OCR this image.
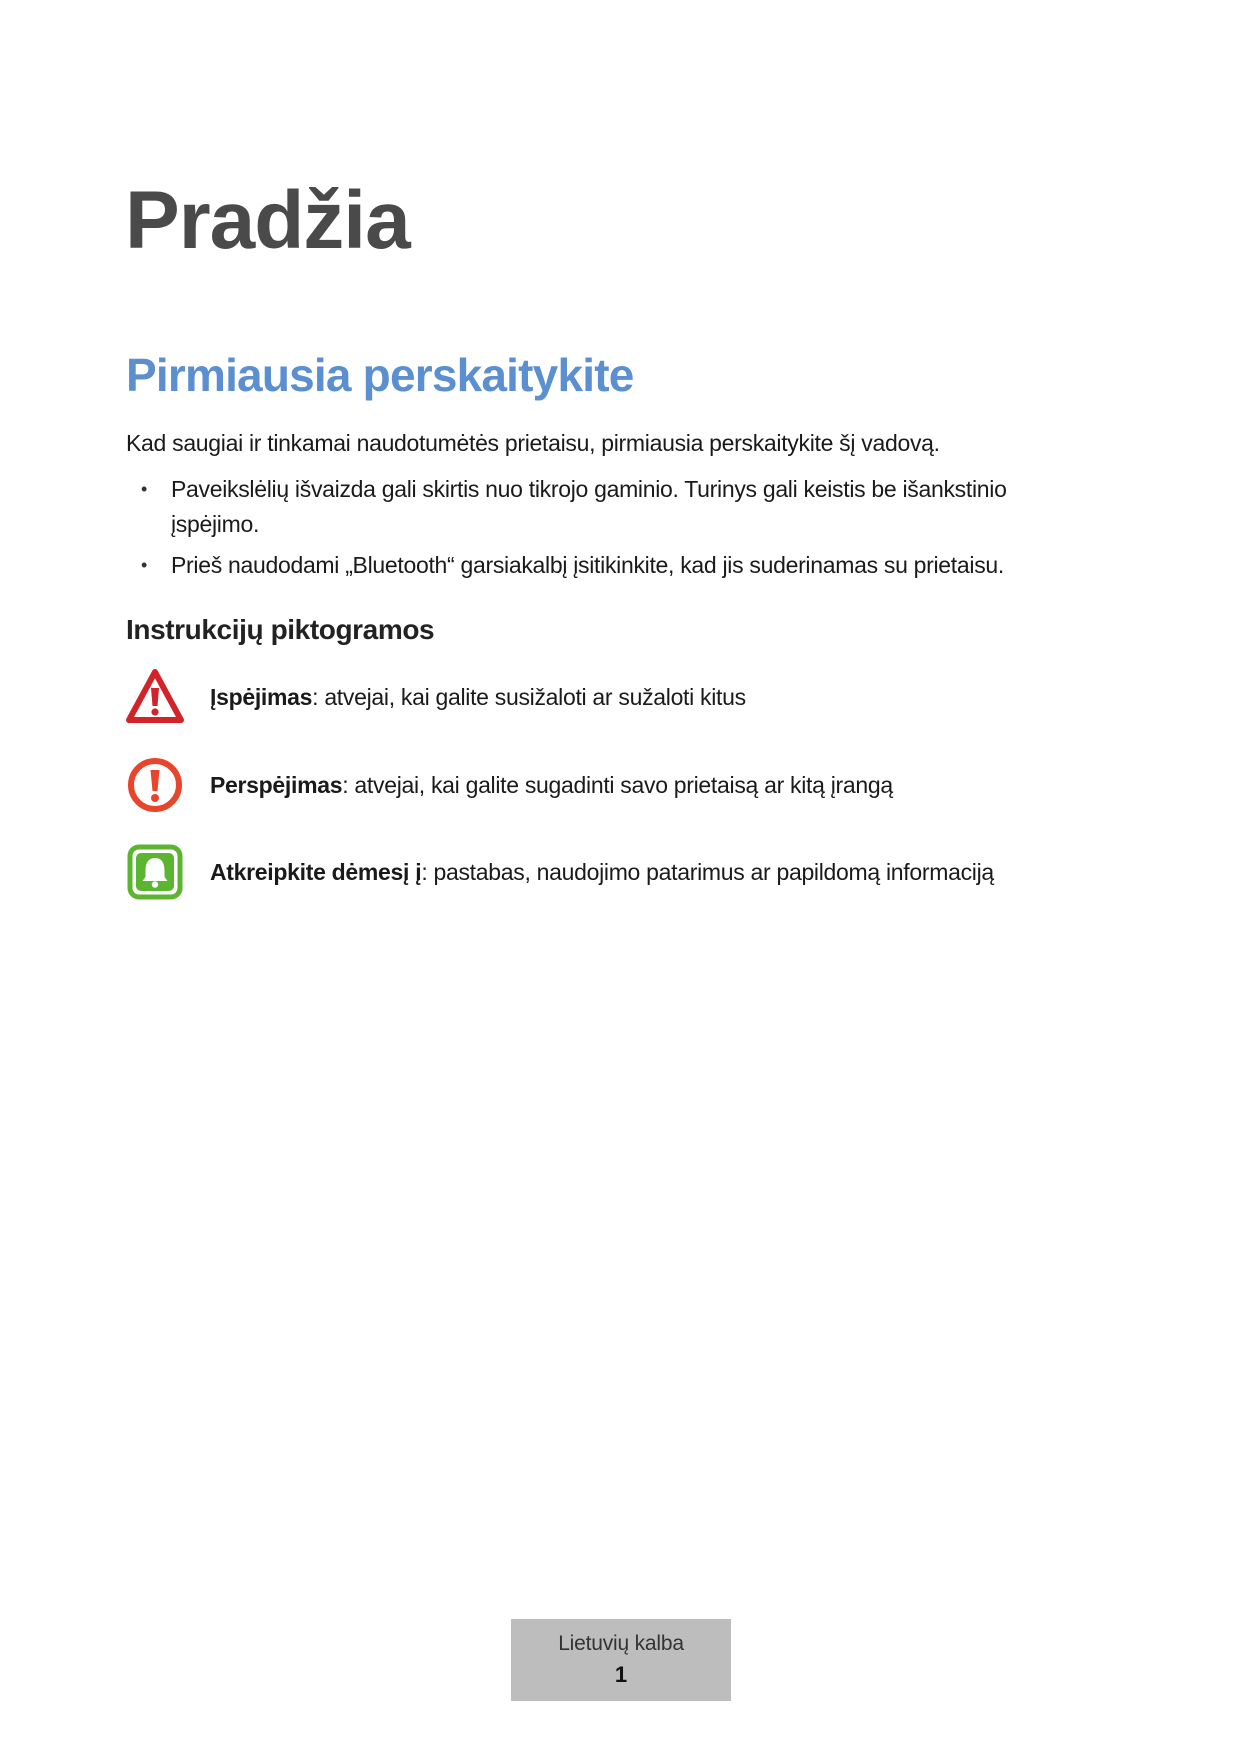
Pradžia
Pirmiausia perskaitykite

Kad saugiai ir tinkamai naudotumėtės prietaisu, pirmiausia perskaitykite šį vadovą.

• Paveikslėlių išvaizda gali skirtis nuo tikrojo gaminio. Turinys gali keistis be išankstinio įspėjimo.
• Prieš naudodami „Bluetooth“ garsiakalbį įsitikinkite, kad jis suderinamas su prietaisu.
Instrukcijų piktogramos
Įspėjimas: atvejai, kai galite susižaloti ar sužaloti kitus
Perspėjimas: atvejai, kai galite sugadinti savo prietaisą ar kitą įrangą
Atkreipkite dėmesį į: pastabas, naudojimo patarimus ar papildomą informaciją
Lietuvių kalba
1
